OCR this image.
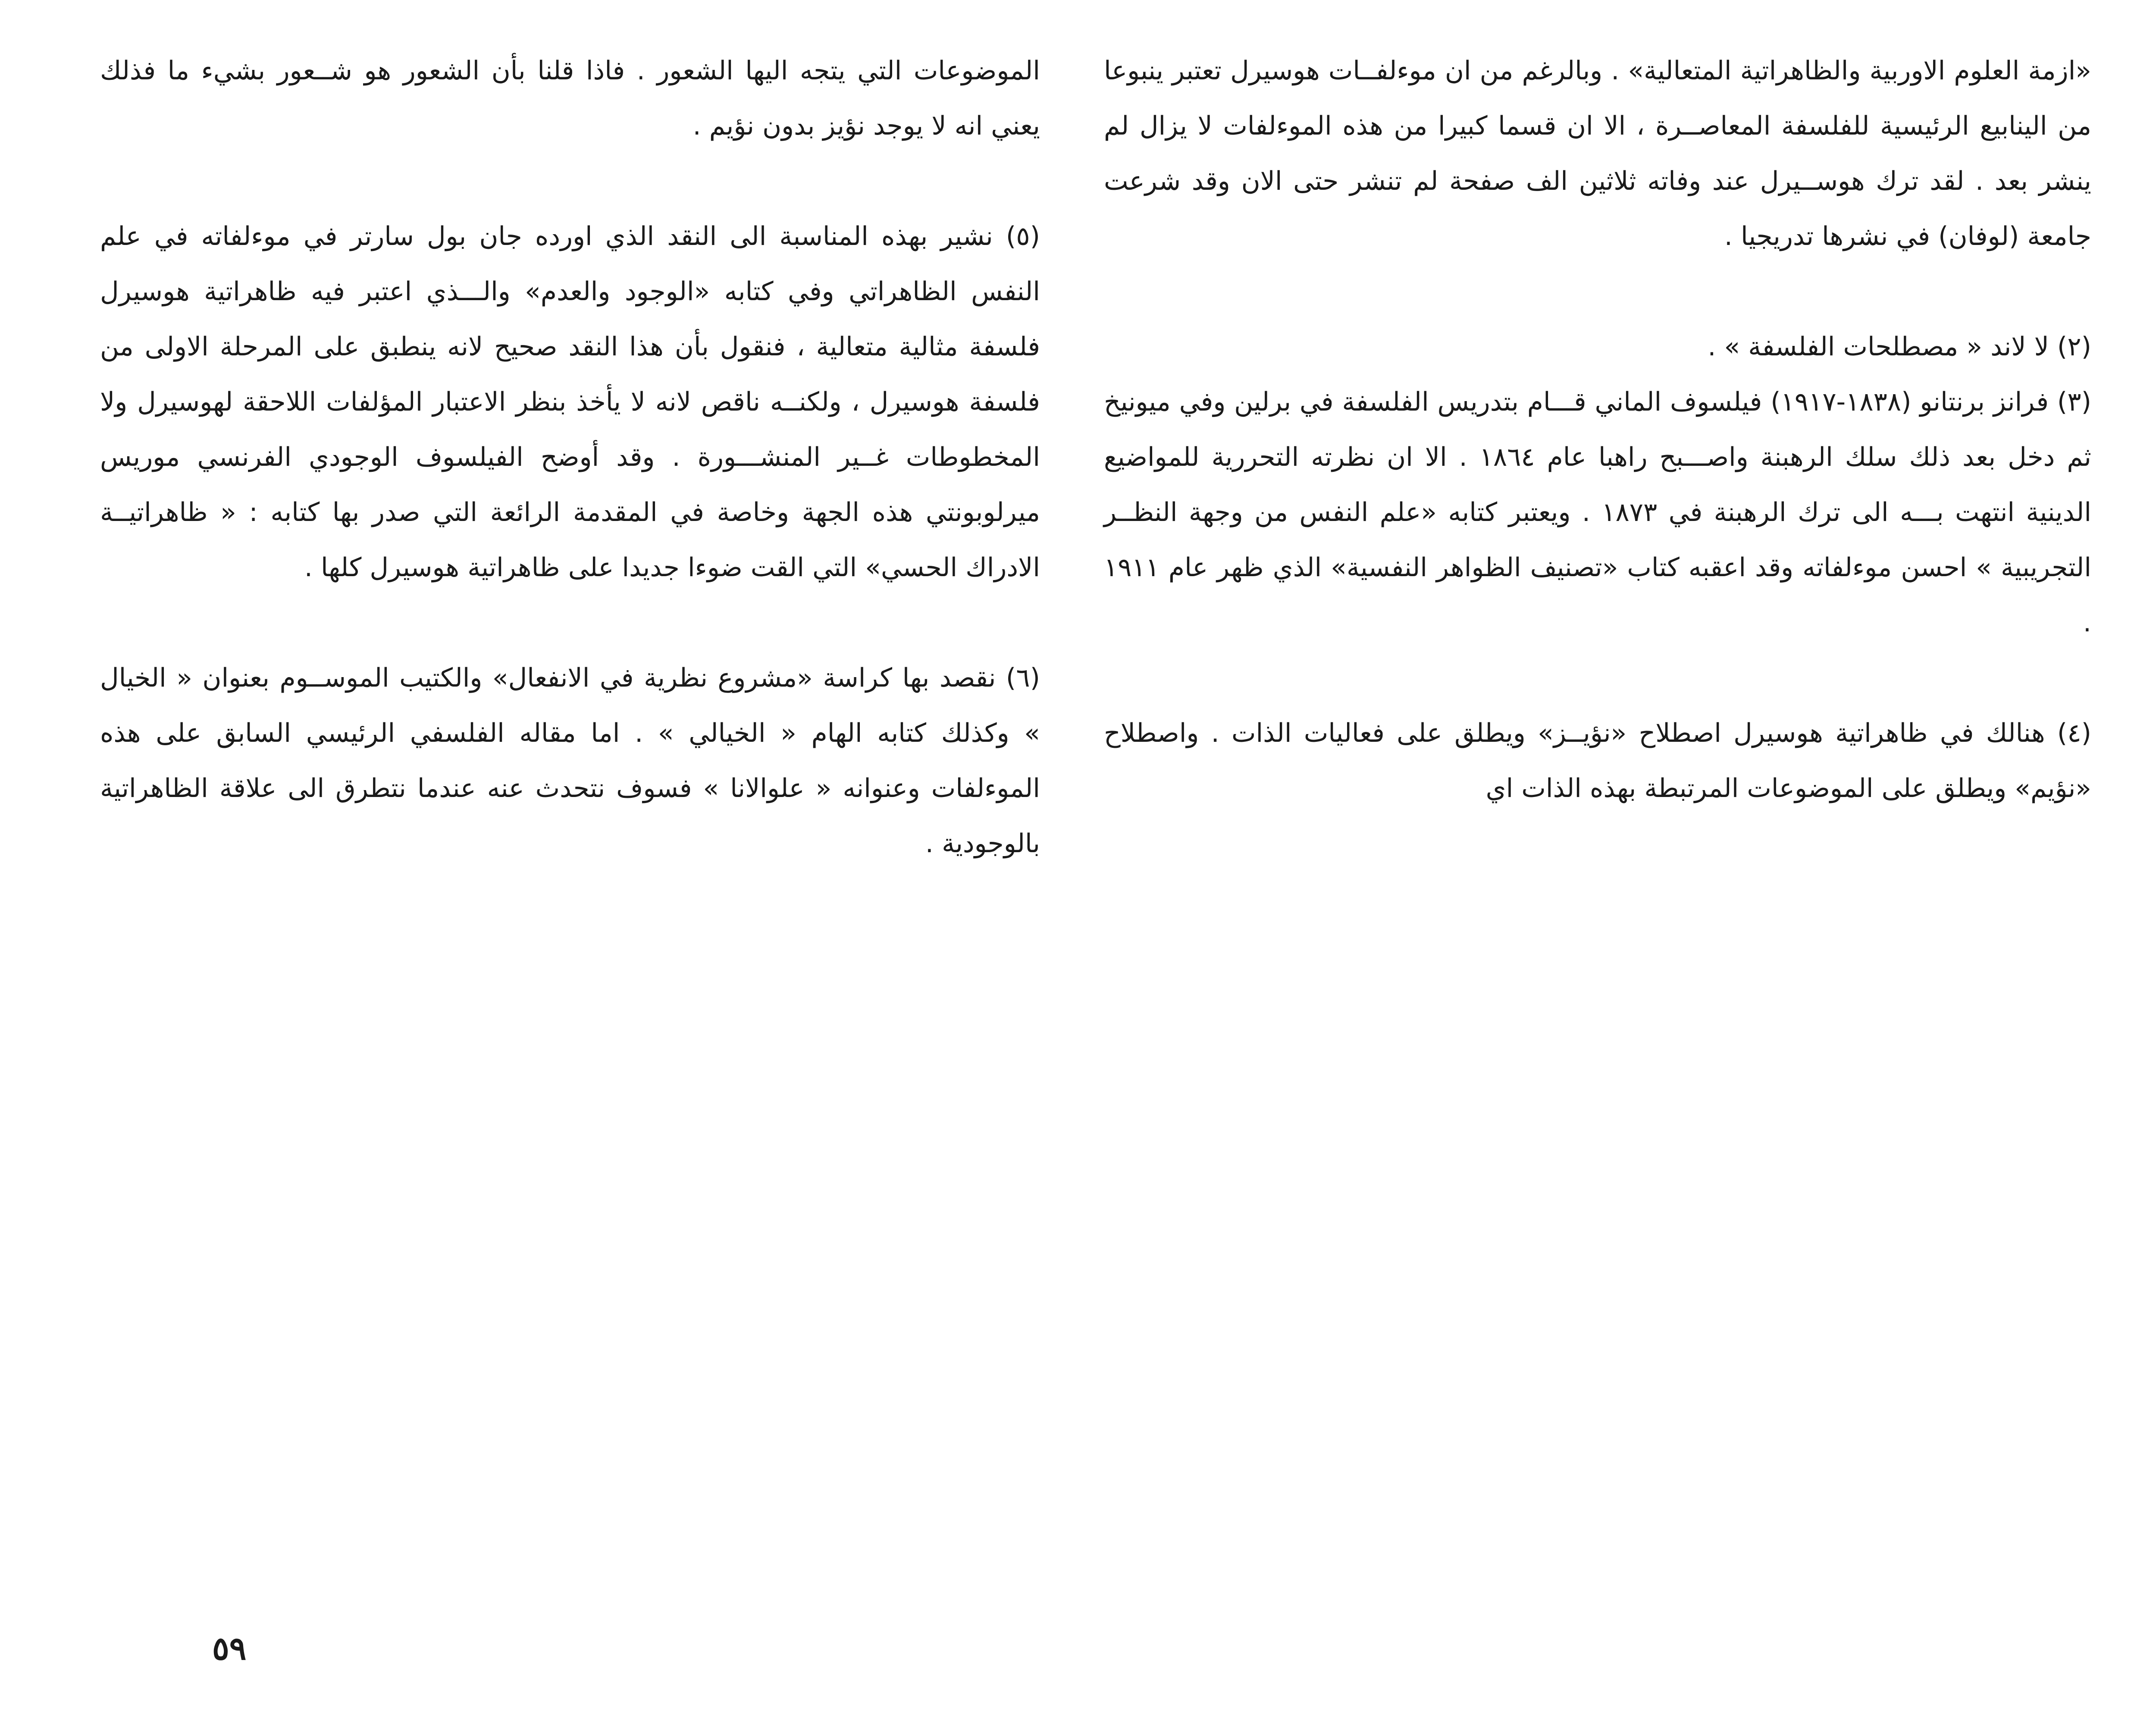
«ازمة العلوم الاوربية والظاهراتية المتعالية» . وبالرغم من ان موءلفــات هوسيرل تعتبر ينبوعا من الينابيع الرئيسية للفلسفة المعاصــرة ، الا ان قسما كبيرا من هذه الموءلفات لا يزال لم ينشر بعد . لقد ترك هوســيرل عند وفاته ثلاثين الف صفحة لم تنشر حتى الان وقد شرعت جامعة (لوفان) في نشرها تدريجيا .

(٢) لا لاند « مصطلحات الفلسفة » .

(٣) فرانز برنتانو (١٨٣٨-١٩١٧) فيلسوف الماني قـــام بتدريس الفلسفة في برلين وفي ميونيخ ثم دخل بعد ذلك سلك الرهبنة واصـــبح راهبا عام ١٨٦٤ . الا ان نظرته التحررية للمواضيع الدينية انتهت بـــه الى ترك الرهبنة في ١٨٧٣ . ويعتبر كتابه «علم النفس من وجهة النظــر التجريبية » احسن موءلفاته وقد اعقبه كتاب «تصنيف الظواهر النفسية» الذي ظهر عام ١٩١١ .

(٤) هنالك في ظاهراتية هوسيرل اصطلاح «نؤيــز» ويطلق على فعاليات الذات . واصطلاح «نؤيم» ويطلق على الموضوعات المرتبطة بهذه الذات اي

الموضوعات التي يتجه اليها الشعور . فاذا قلنا بأن الشعور هو شــعور بشيء ما فذلك يعني انه لا يوجد نؤيز بدون نؤيم .

(٥) نشير بهذه المناسبة الى النقد الذي اورده جان بول سارتر في موءلفاته في علم النفس الظاهراتي وفي كتابه «الوجود والعدم» والـــذي اعتبر فيه ظاهراتية هوسيرل فلسفة مثالية متعالية ، فنقول بأن هذا النقد صحيح لانه ينطبق على المرحلة الاولى من فلسفة هوسيرل ، ولكنــه ناقص لانه لا يأخذ بنظر الاعتبار المؤلفات اللاحقة لهوسيرل ولا المخطوطات غــير المنشـــورة . وقد أوضح الفيلسوف الوجودي الفرنسي موريس ميرلوبونتي هذه الجهة وخاصة في المقدمة الرائعة التي صدر بها كتابه : « ظاهراتيــة الادراك الحسي» التي القت ضوءا جديدا على ظاهراتية هوسيرل كلها .

(٦) نقصد بها كراسة «مشروع نظرية في الانفعال» والكتيب الموســوم بعنوان « الخيال » وكذلك كتابه الهام « الخيالي » . اما مقاله الفلسفي الرئيسي السابق على هذه الموءلفات وعنوانه « علوالانا » فسوف نتحدث عنه عندما نتطرق الى علاقة الظاهراتية بالوجودية .

٥٩
